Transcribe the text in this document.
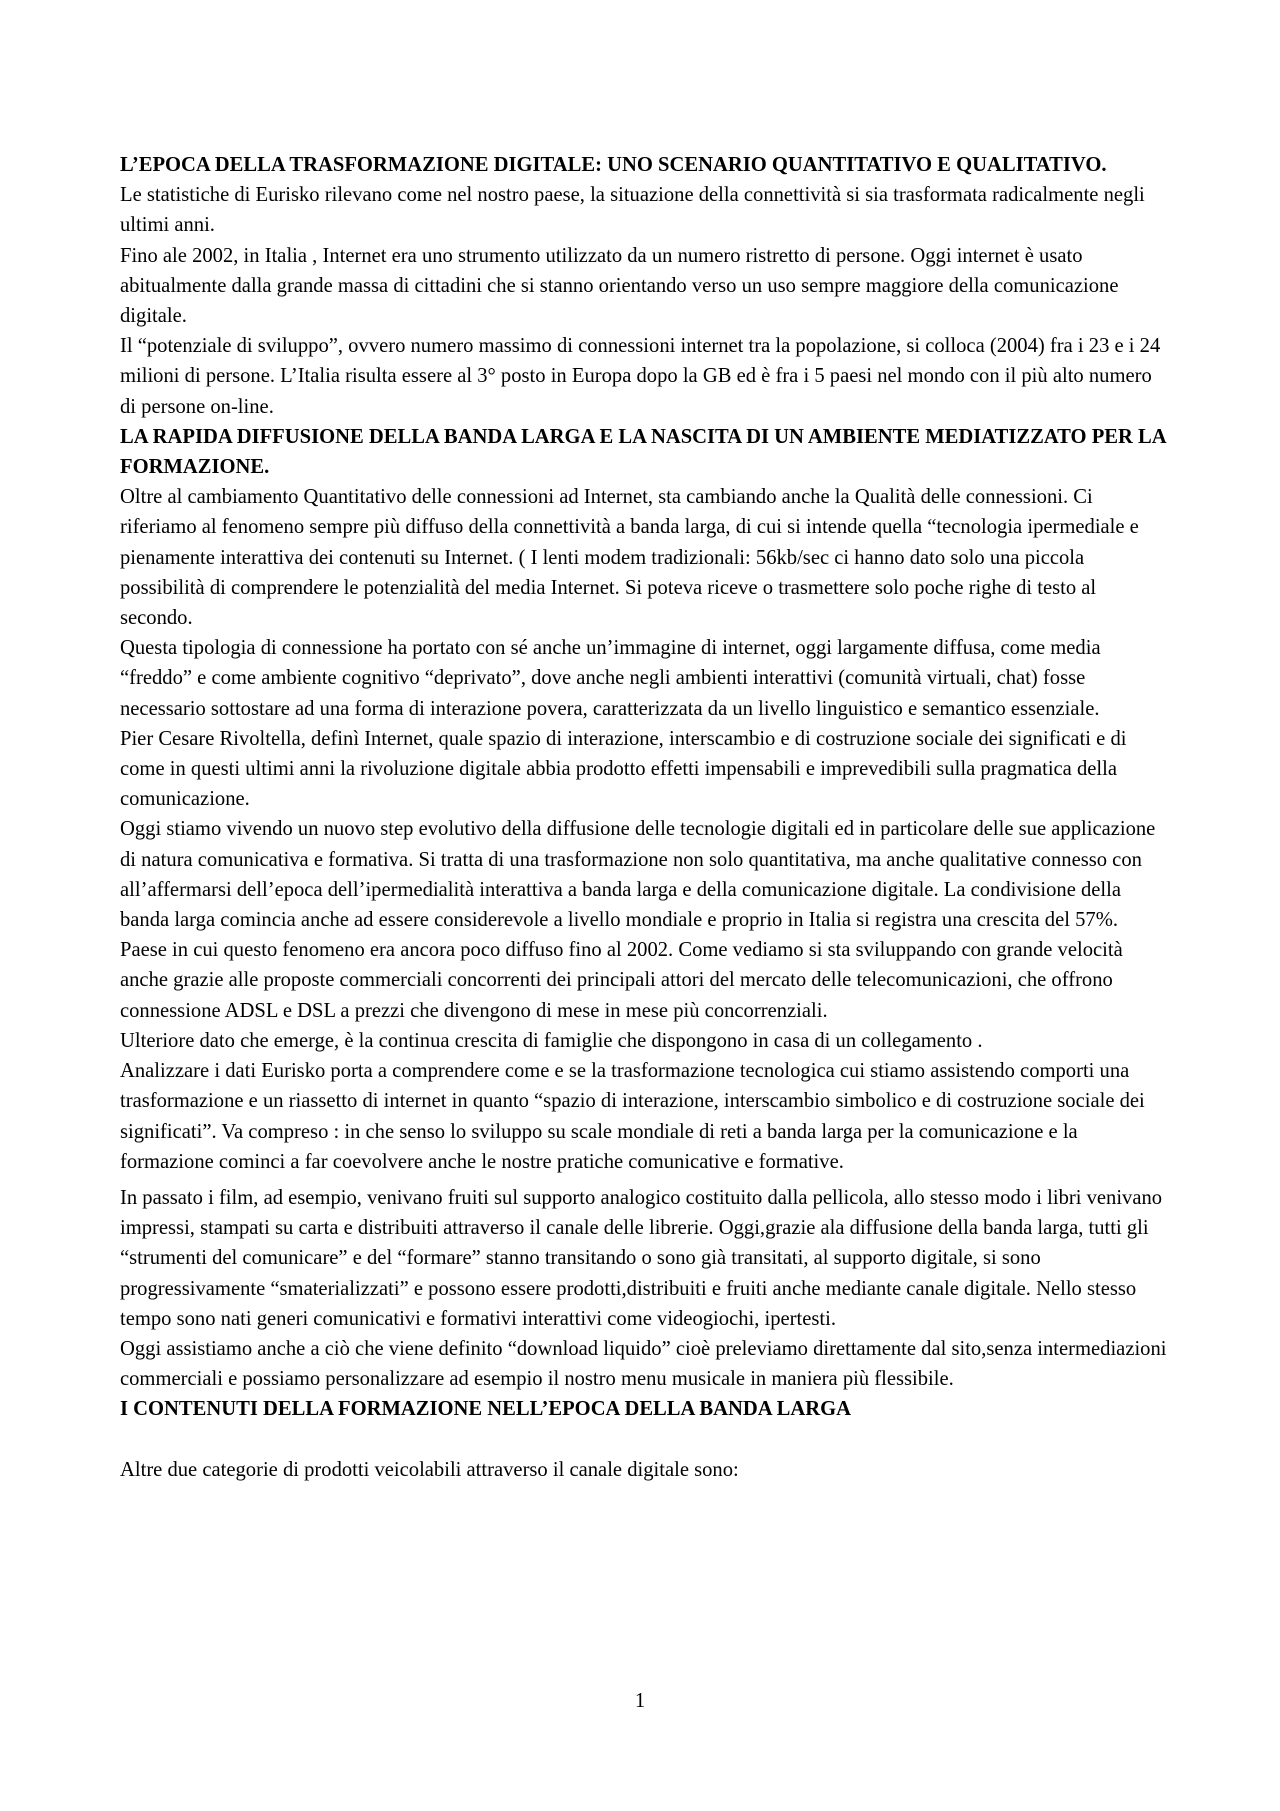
L’EPOCA DELLA TRASFORMAZIONE DIGITALE: UNO SCENARIO QUANTITATIVO E QUALITATIVO.

Le statistiche di Eurisko rilevano come nel nostro paese, la situazione della connettività si sia trasformata radicalmente negli ultimi anni.

Fino ale 2002, in Italia , Internet era uno strumento utilizzato da un numero ristretto di persone. Oggi internet è usato abitualmente dalla grande massa di cittadini che si stanno orientando verso un uso sempre maggiore della comunicazione digitale.

Il “potenziale di sviluppo”, ovvero numero massimo di connessioni internet tra la popolazione, si colloca (2004) fra i 23 e i 24 milioni di persone. L’Italia risulta essere al 3° posto in Europa dopo la GB ed è fra i 5 paesi nel mondo con il più alto numero di persone on-line.

LA RAPIDA DIFFUSIONE DELLA BANDA LARGA E LA NASCITA DI UN AMBIENTE MEDIATIZZATO PER LA FORMAZIONE.

Oltre al cambiamento Quantitativo delle connessioni ad Internet, sta cambiando anche la Qualità delle connessioni. Ci riferiamo al fenomeno sempre più diffuso della connettività a banda larga, di cui si intende quella “tecnologia ipermediale e pienamente interattiva dei contenuti su Internet. ( I lenti modem tradizionali: 56kb/sec ci hanno dato solo una piccola possibilità di comprendere le potenzialità del media Internet. Si poteva riceve o trasmettere solo poche righe di testo al secondo.

Questa tipologia di connessione ha portato con sé anche un’immagine di internet, oggi largamente diffusa, come media “freddo” e come ambiente cognitivo “deprivato”, dove anche negli ambienti interattivi (comunità virtuali, chat) fosse necessario sottostare ad una forma di interazione povera, caratterizzata da un livello linguistico e semantico essenziale.

Pier Cesare Rivoltella, definì Internet, quale spazio di interazione, interscambio e di costruzione sociale dei significati e di come in questi ultimi anni la rivoluzione digitale abbia prodotto effetti impensabili e imprevedibili sulla pragmatica della comunicazione.

Oggi stiamo vivendo un nuovo step evolutivo della diffusione delle tecnologie digitali ed in particolare delle sue applicazione di natura comunicativa e formativa. Si tratta di una trasformazione non solo quantitativa, ma anche qualitative connesso con all’affermarsi dell’epoca dell’ipermedialità interattiva a banda larga e della comunicazione digitale. La condivisione della banda larga comincia anche ad essere considerevole a livello mondiale e proprio in Italia si registra una crescita del 57%. Paese in cui questo fenomeno era ancora poco diffuso fino al 2002. Come vediamo si sta sviluppando con grande velocità anche grazie alle proposte commerciali concorrenti dei principali attori del mercato delle telecomunicazioni, che offrono connessione ADSL e DSL a prezzi che divengono di mese in mese più concorrenziali.

Ulteriore dato che emerge, è la continua crescita di famiglie che dispongono in casa di un collegamento .

Analizzare i dati Eurisko porta a comprendere come e se la trasformazione tecnologica cui stiamo assistendo comporti una trasformazione e un riassetto di internet in quanto “spazio di interazione, interscambio simbolico e di costruzione sociale dei significati”. Va compreso : in che senso lo sviluppo su scale mondiale di reti a banda larga per la comunicazione e la formazione cominci a far coevolvere anche le nostre pratiche comunicative e formative.

In passato i film, ad esempio, venivano fruiti sul supporto analogico costituito dalla pellicola, allo stesso modo i libri venivano impressi, stampati su carta e distribuiti attraverso il canale delle librerie. Oggi,grazie ala diffusione della banda larga, tutti gli “strumenti del comunicare” e del “formare” stanno transitando o sono già transitati, al supporto digitale, si sono progressivamente “smaterializzati” e possono essere prodotti,distribuiti e fruiti anche mediante canale digitale. Nello stesso tempo sono nati generi comunicativi e formativi interattivi come videogiochi, ipertesti.

Oggi assistiamo anche a ciò che viene definito “download liquido” cioè preleviamo direttamente dal sito,senza intermediazioni commerciali e possiamo personalizzare ad esempio il nostro menu musicale in maniera più flessibile.

I CONTENUTI DELLA FORMAZIONE NELL’EPOCA DELLA BANDA LARGA

Altre due categorie di prodotti veicolabili attraverso il canale digitale sono:

1
